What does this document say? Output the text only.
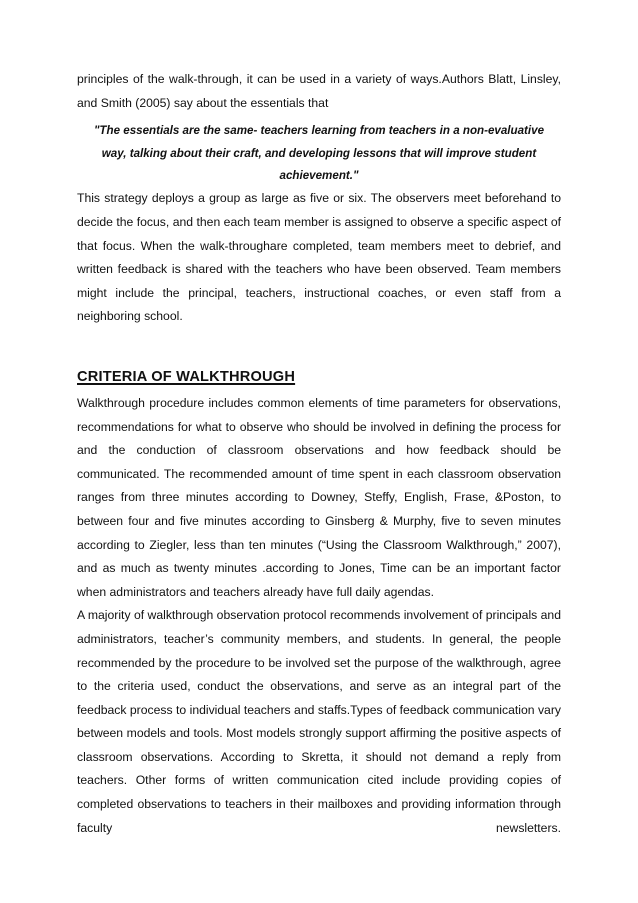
principles of the walk-through, it can be used in a variety of ways.Authors Blatt, Linsley, and Smith (2005) say about the essentials that

"The essentials are the same- teachers learning from teachers in a non-evaluative way, talking about their craft, and developing lessons that will improve student achievement."

This strategy deploys a group as large as five or six. The observers meet beforehand to decide the focus, and then each team member is assigned to observe a specific aspect of that focus. When the walk-througharе completed, team members meet to debrief, and written feedback is shared with the teachers who have been observed. Team members might include the principal, teachers, instructional coaches, or even staff from a neighboring school.

CRITERIA OF WALKTHROUGH

Walkthrough procedure includes common elements of time parameters for observations, recommendations for what to observe who should be involved in defining the process for and the conduction of classroom observations and how feedback should be communicated. The recommended amount of time spent in each classroom observation ranges from three minutes according to Downey, Steffy, English, Frase, &Poston, to between four and five minutes according to Ginsberg & Murphy, five to seven minutes according to Ziegler, less than ten minutes (“Using the Classroom Walkthrough,” 2007), and as much as twenty minutes .according to Jones, Time can be an important factor when administrators and teachers already have full daily agendas.

A majority of walkthrough observation protocol recommends involvement of principals and administrators, teacher’s community members, and students. In general, the people recommended by the procedure to be involved set the purpose of the walkthrough, agree to the criteria used, conduct the observations, and serve as an integral part of the feedback process to individual teachers and staffs.Types of feedback communication vary between models and tools. Most models strongly support affirming the positive aspects of classroom observations. According to Skretta, it should not demand a reply from teachers. Other forms of written communication cited include providing copies of completed observations to teachers in their mailboxes and providing information through faculty newsletters.
